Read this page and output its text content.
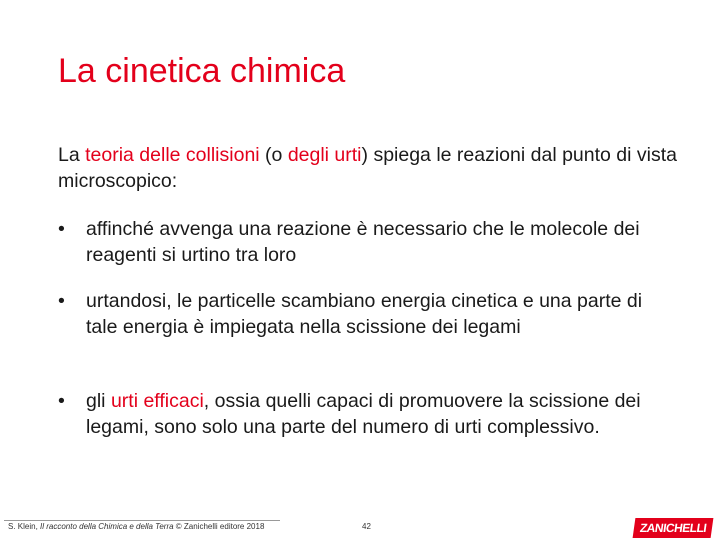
La cinetica chimica
La teoria delle collisioni (o degli urti) spiega le reazioni dal punto di vista microscopico:
• affinché avvenga una reazione è necessario che le molecole dei reagenti si urtino tra loro
• urtandosi, le particelle scambiano energia cinetica e una parte di tale energia è impiegata nella scissione dei legami
• gli urti efficaci, ossia quelli capaci di promuovere la scissione dei legami, sono solo una parte del numero di urti complessivo.
S. Klein, Il racconto della Chimica e della Terra © Zanichelli editore 2018	42	ZANICHELLI
